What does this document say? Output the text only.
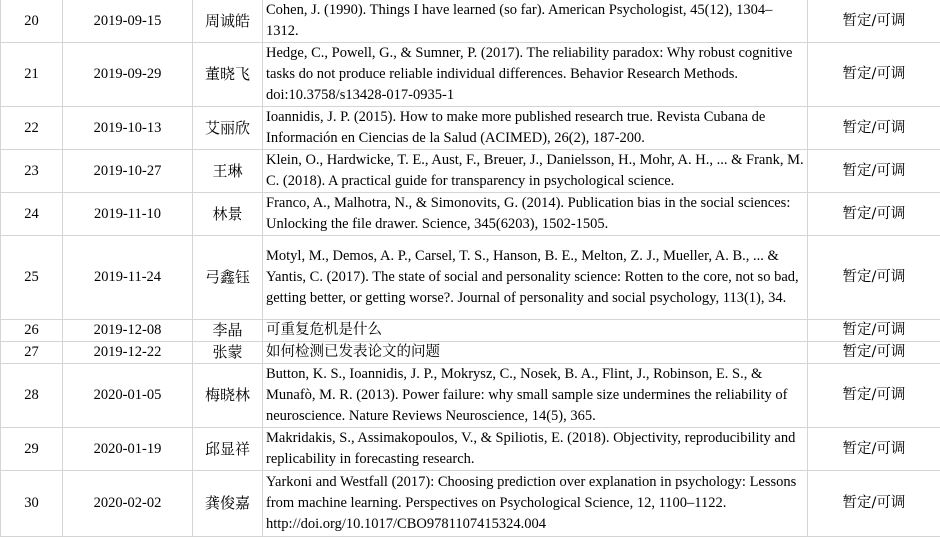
20	2019-09-15	周诚皓	Cohen, J. (1990). Things I have learned (so far). American Psychologist, 45(12), 1304–1312.	暂定/可调
21	2019-09-29	董晓飞	Hedge, C., Powell, G., & Sumner, P. (2017). The reliability paradox: Why robust cognitive tasks do not produce reliable individual differences. Behavior Research Methods. doi:10.3758/s13428-017-0935-1	暂定/可调
22	2019-10-13	艾丽欣	Ioannidis, J. P. (2015). How to make more published research true. Revista Cubana de Información en Ciencias de la Salud (ACIMED), 26(2), 187-200.	暂定/可调
23	2019-10-27	王琳	Klein, O., Hardwicke, T. E., Aust, F., Breuer, J., Danielsson, H., Mohr, A. H., ... & Frank, M. C. (2018). A practical guide for transparency in psychological science.	暂定/可调
24	2019-11-10	林景	Franco, A., Malhotra, N., & Simonovits, G. (2014). Publication bias in the social sciences: Unlocking the file drawer. Science, 345(6203), 1502-1505.	暂定/可调
25	2019-11-24	弓鑫钰	Motyl, M., Demos, A. P., Carsel, T. S., Hanson, B. E., Melton, Z. J., Mueller, A. B., ... & Yantis, C. (2017). The state of social and personality science: Rotten to the core, not so bad, getting better, or getting worse?. Journal of personality and social psychology, 113(1), 34.	暂定/可调
26	2019-12-08	李晶	可重复危机是什么	暂定/可调
27	2019-12-22	张蒙	如何检测已发表论文的问题	暂定/可调
28	2020-01-05	梅晓林	Button, K. S., Ioannidis, J. P., Mokrysz, C., Nosek, B. A., Flint, J., Robinson, E. S., & Munafò, M. R. (2013). Power failure: why small sample size undermines the reliability of neuroscience. Nature Reviews Neuroscience, 14(5), 365.	暂定/可调
29	2020-01-19	邱显祥	Makridakis, S., Assimakopoulos, V., & Spiliotis, E. (2018). Objectivity, reproducibility and replicability in forecasting research.	暂定/可调
30	2020-02-02	龚俊嘉	Yarkoni and Westfall (2017): Choosing prediction over explanation in psychology: Lessons from machine learning. Perspectives on Psychological Science, 12, 1100–1122. http://doi.org/10.1017/CBO9781107415324.004	暂定/可调
